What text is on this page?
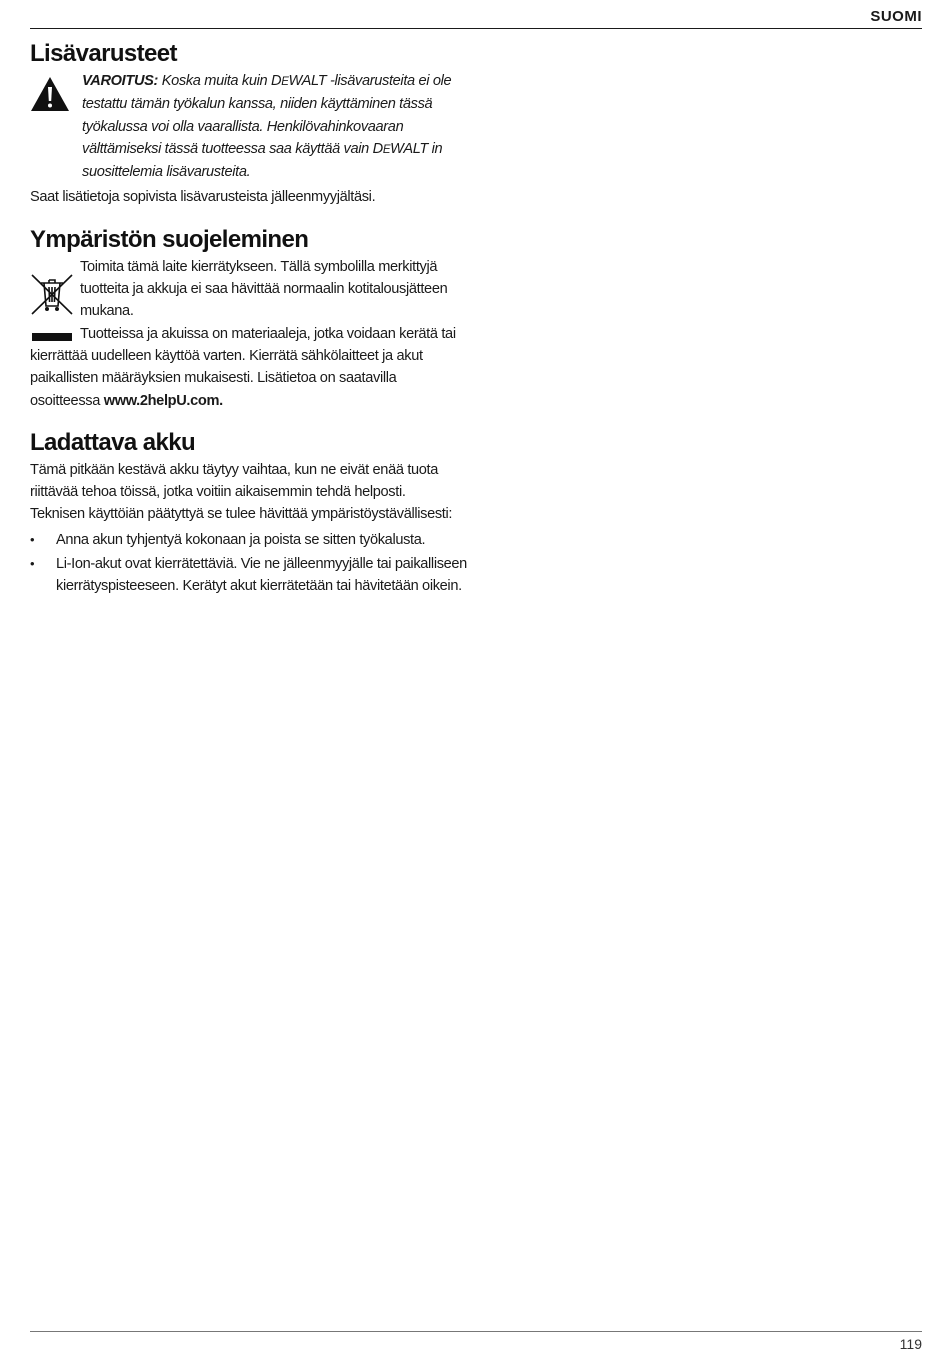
SUOMI
Lisävarusteet

VAROITUS: Koska muita kuin DEWALT -lisävarusteita ei ole testattu tämän työkalun kanssa, niiden käyttäminen tässä työkalussa voi olla vaarallista. Henkilövahinkovaaran välttämiseksi tässä tuotteessa saa käyttää vain DEWALT in suosittelemia lisävarusteita.

Saat lisätietoja sopivista lisävarusteista jälleenmyyjältäsi.

Ympäristön suojeleminen

Toimita tämä laite kierrätykseen. Tällä symbolilla merkittyjä tuotteita ja akkuja ei saa hävittää normaalin kotitalousjätteen mukana.

Tuotteissa ja akuissa on materiaaleja, jotka voidaan kerätä tai kierrättää uudelleen käyttöä varten. Kierrätä sähkölaitteet ja akut paikallisten määräyksien mukaisesti. Lisätietoa on saatavilla osoitteessa www.2helpU.com.

Ladattava akku

Tämä pitkään kestävä akku täytyy vaihtaa, kun ne eivät enää tuota riittävää tehoa töissä, jotka voitiin aikaisemmin tehdä helposti.

Teknisen käyttöiän päätyttyä se tulee hävittää ympäristöystävällisesti:

• Anna akun tyhjentyä kokonaan ja poista se sitten työkalusta.
• Li-Ion-akut ovat kierrätettäviä. Vie ne jälleenmyyjälle tai paikalliseen kierrätyspisteeseen. Kerätyt akut kierrätetään tai hävitetään oikein.
119
